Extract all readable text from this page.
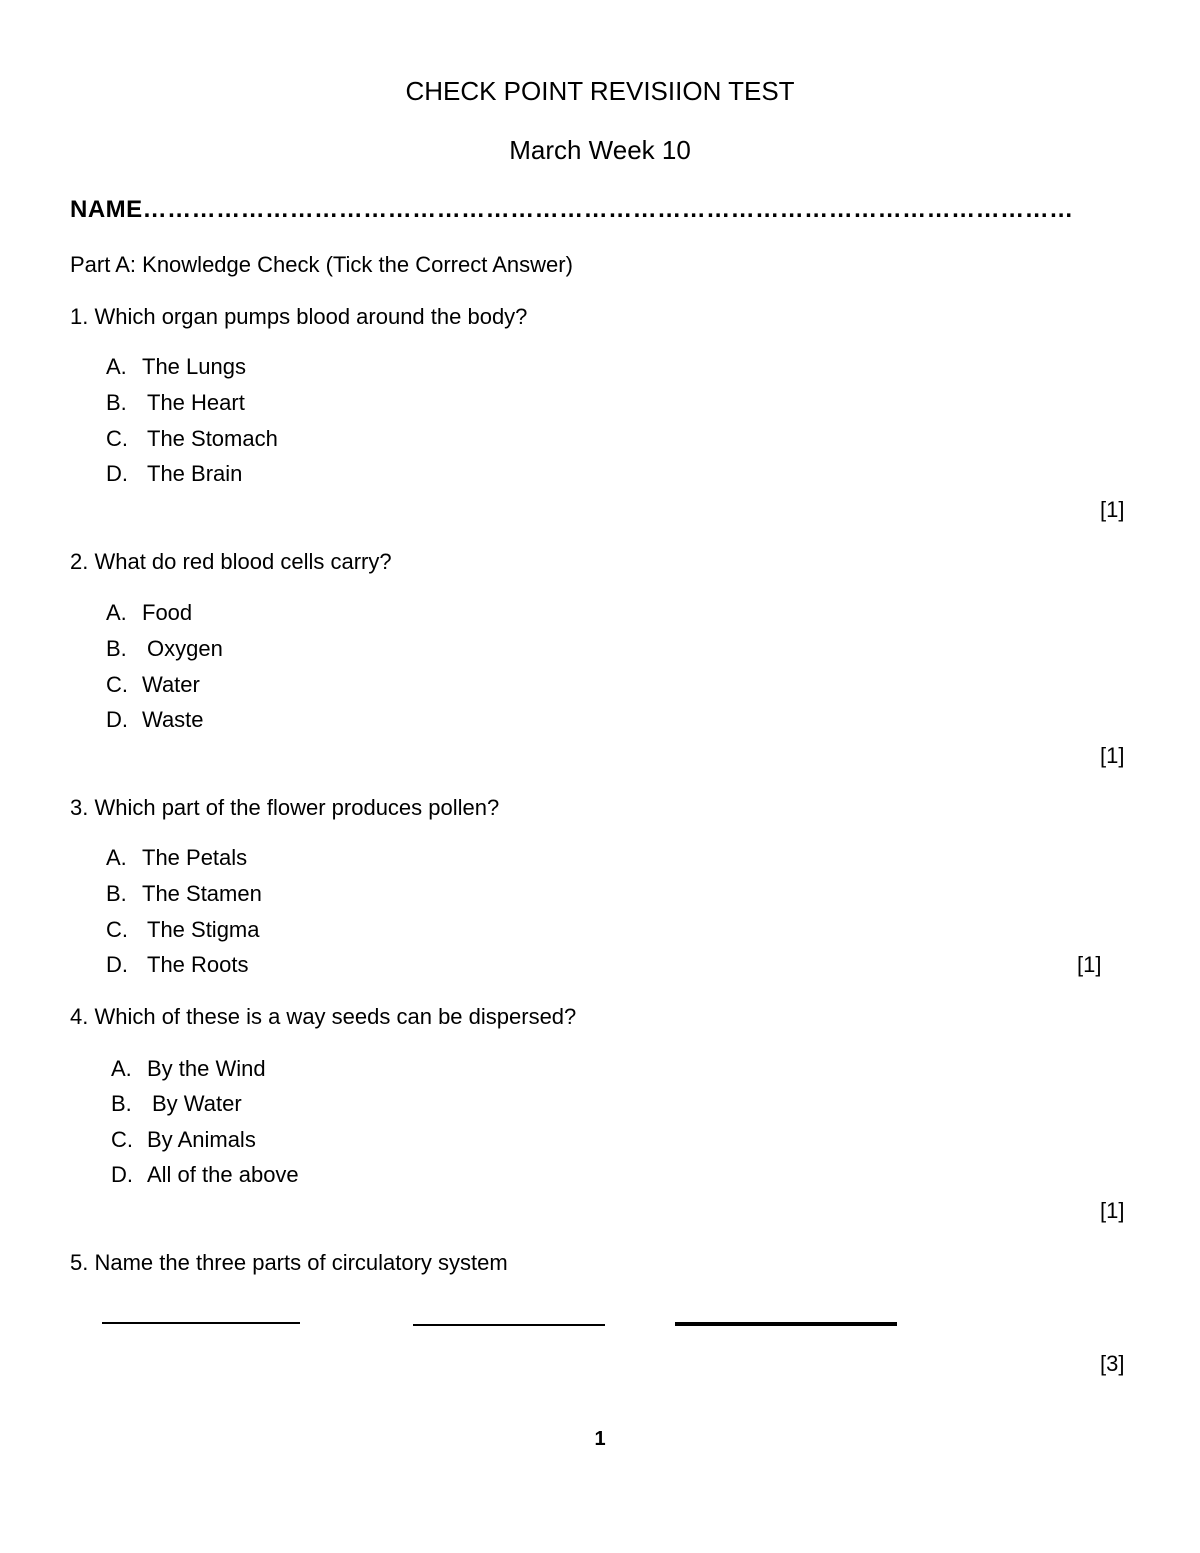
CHECK POINT REVISIION TEST
March Week 10
NAME……………………………………………………………………………………………………
Part A: Knowledge Check (Tick the Correct Answer)
1. Which organ pumps blood around the body?
A. The Lungs
B. The Heart
C. The Stomach
D. The Brain
[1]
2. What do red blood cells carry?
A. Food
B. Oxygen
C. Water
D. Waste
[1]
3. Which part of the flower produces pollen?
A. The Petals
B. The Stamen
C. The Stigma
D. The Roots	[1]
4. Which of these is a way seeds can be dispersed?
A. By the Wind
B. By Water
C. By Animals
D. All of the above
[1]
5. Name the three parts of circulatory system
[3]
1
